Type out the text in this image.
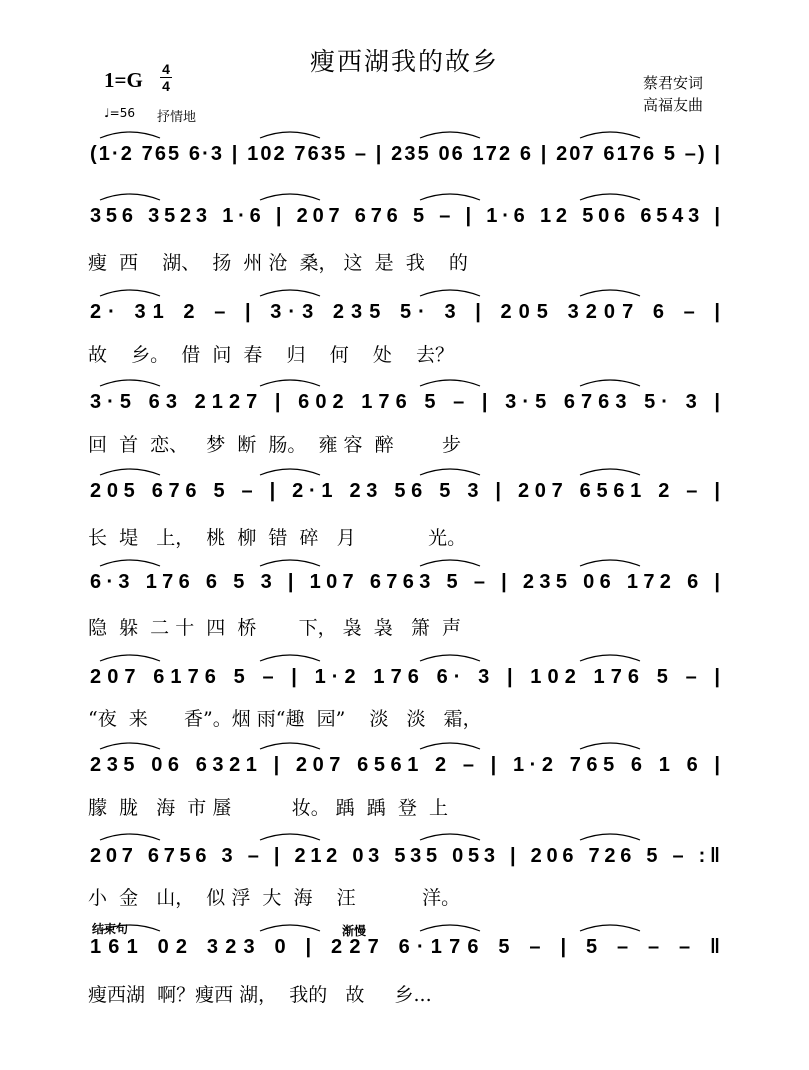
瘦西湖我的故乡
1=G 4
4
♩=56 抒情地
蔡君安词
高福友曲
(1·2 765 6·3 | 102 7635 – | 235 06 172 6 | 207 6176 5 –) |
356 3523 1·6 | 207 676 5 – | 1·6 12 506 6543 |
2· 31 2 – | 3·3 235 5· 3 | 205 3207 6 – |
3·5 63 2127 | 602 176 5 – | 3·5 6763 5· 3 |
205 676 5 – | 2·1 23 56 5 3 | 207 6561 2 – |
6·3 176 6 5 3 | 107 6763 5 – | 235 06 172 6 |
207 6176 5 – | 1·2 176 6· 3 | 102 176 5 – |
235 06 6321 | 207 6561 2 – | 1·2 765 6 1 6 |
207 6756 3 – | 212 03 535 053 | 206 726 5 – :‖
161 02 323 0 | 227 6·176 5 – | 5 – – – ‖
结束句	渐慢
瘦  西    湖、  扬  州 沧  桑， 这  是  我    的
故    乡。  借  问  春    归    何    处    去？
回  首  恋、   梦  断  肠。  雍 容  醉        步
长  堤   上，  桃  柳  错  碎   月            光。
隐  躲  二 十  四  桥       下， 袅  袅   箫  声
“夜  来      香”。烟 雨“趣  园”    淡   淡   霜，
朦  胧   海  市 蜃          妆。 踽  踽  登  上
小  金   山，  似 浮  大  海    汪           洋。
瘦西湖  啊？瘦西 湖，  我的   故     乡...
